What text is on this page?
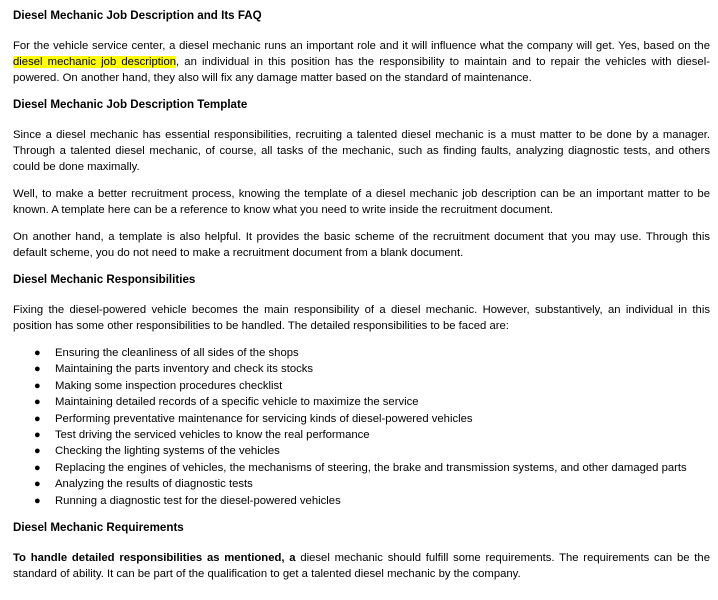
Diesel Mechanic Job Description and Its FAQ

For the vehicle service center, a diesel mechanic runs an important role and it will influence what the company will get. Yes, based on the diesel mechanic job description, an individual in this position has the responsibility to maintain and to repair the vehicles with diesel-powered. On another hand, they also will fix any damage matter based on the standard of maintenance.

Diesel Mechanic Job Description Template

Since a diesel mechanic has essential responsibilities, recruiting a talented diesel mechanic is a must matter to be done by a manager. Through a talented diesel mechanic, of course, all tasks of the mechanic, such as finding faults, analyzing diagnostic tests, and others could be done maximally.

Well, to make a better recruitment process, knowing the template of a diesel mechanic job description can be an important matter to be known. A template here can be a reference to know what you need to write inside the recruitment document.

On another hand, a template is also helpful. It provides the basic scheme of the recruitment document that you may use. Through this default scheme, you do not need to make a recruitment document from a blank document.

Diesel Mechanic Responsibilities

Fixing the diesel-powered vehicle becomes the main responsibility of a diesel mechanic. However, substantively, an individual in this position has some other responsibilities to be handled. The detailed responsibilities to be faced are:

● Ensuring the cleanliness of all sides of the shops
● Maintaining the parts inventory and check its stocks
● Making some inspection procedures checklist
● Maintaining detailed records of a specific vehicle to maximize the service
● Performing preventative maintenance for servicing kinds of diesel-powered vehicles
● Test driving the serviced vehicles to know the real performance
● Checking the lighting systems of the vehicles
● Replacing the engines of vehicles, the mechanisms of steering, the brake and transmission systems, and other damaged parts
● Analyzing the results of diagnostic tests
● Running a diagnostic test for the diesel-powered vehicles
Diesel Mechanic Requirements

To handle detailed responsibilities as mentioned, a diesel mechanic should fulfill some requirements. The requirements can be the standard of ability. It can be part of the qualification to get a talented diesel mechanic by the company.
